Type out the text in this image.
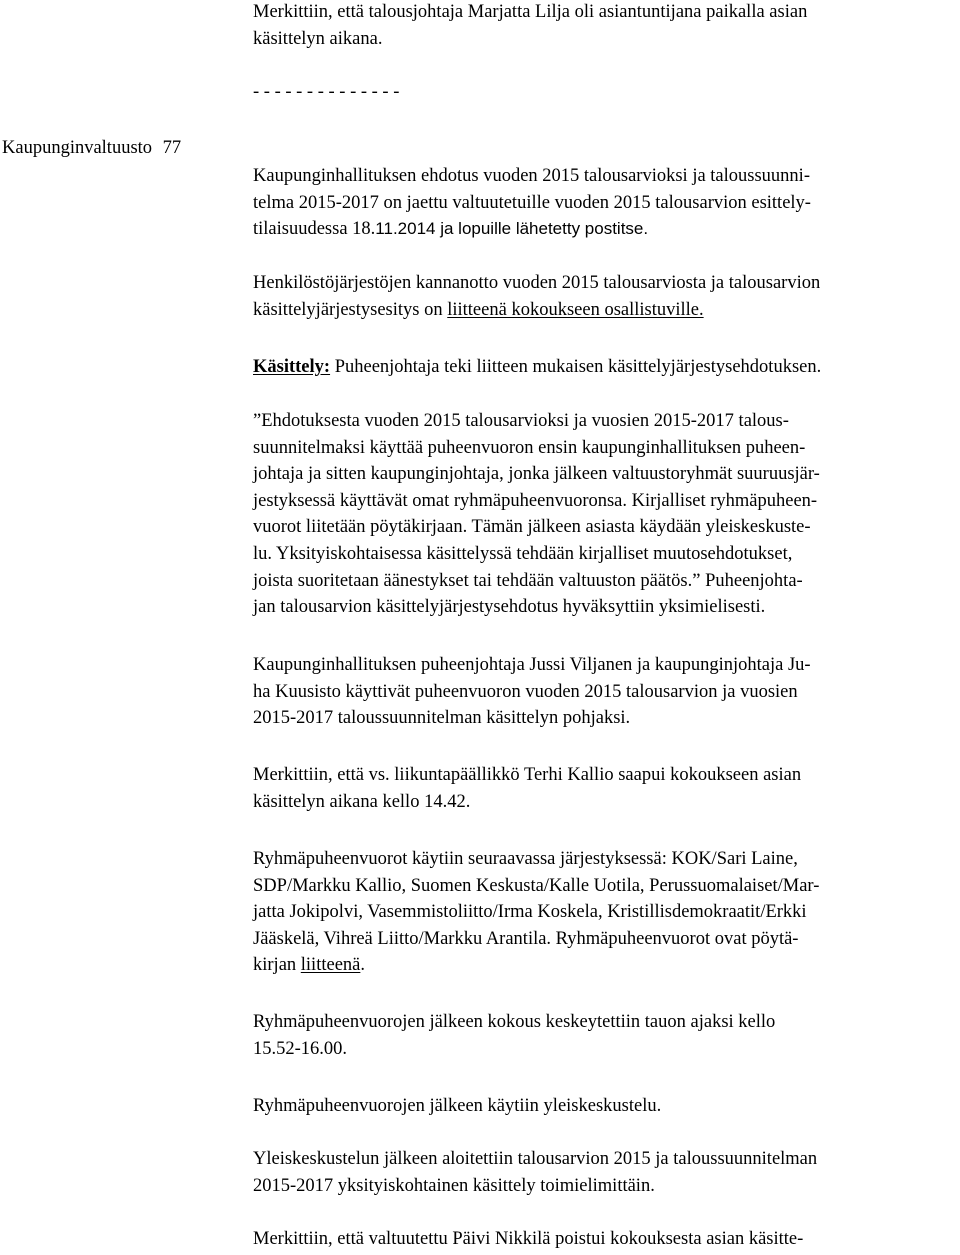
Merkittiin, että talousjohtaja Marjatta Lilja oli asiantuntijana paikalla asian
käsittelyn aikana.
- - - - - - - - - - - - - -
Kaupunginvaltuusto 77
Kaupunginhallituksen ehdotus vuoden 2015 talousarvioksi ja taloussuunni-
telma 2015-2017 on jaettu valtuutetuille vuoden 2015 talousarvion esittely-
tilaisuudessa 18.11.2014 ja lopuille lähetetty postitse.
Henkilöstöjärjestöjen kannanotto vuoden 2015 talousarviosta ja talousarvion
käsittelyjärjestysesitys on liitteenä kokoukseen osallistuville.
Käsittely: Puheenjohtaja teki liitteen mukaisen käsittelyjärjestysehdotuksen.
”Ehdotuksesta vuoden 2015 talousarvioksi ja vuosien 2015-2017 talous-
suunnitelmaksi käyttää puheenvuoron ensin kaupunginhallituksen puheen-
johtaja ja sitten kaupunginjohtaja, jonka jälkeen valtuustoryhmät suuruusjär-
jestyksessä käyttävät omat ryhmäpuheenvuoronsa. Kirjalliset ryhmäpuheen-
vuorot liitetään pöytäkirjaan. Tämän jälkeen asiasta käydään yleiskeskuste-
lu. Yksityiskohtaisessa käsittelyssä tehdään kirjalliset muutosehdotukset,
joista suoritetaan äänestykset tai tehdään valtuuston päätös.” Puheenjohta-
jan talousarvion käsittelyjärjestysehdotus hyväksyttiin yksimielisesti.
Kaupunginhallituksen puheenjohtaja Jussi Viljanen ja kaupunginjohtaja Ju-
ha Kuusisto käyttivät puheenvuoron vuoden 2015 talousarvion ja vuosien
2015-2017 taloussuunnitelman käsittelyn pohjaksi.
Merkittiin, että vs. liikuntapäällikkö Terhi Kallio saapui kokoukseen asian
käsittelyn aikana kello 14.42.
Ryhmäpuheenvuorot käytiin seuraavassa järjestyksessä: KOK/Sari Laine,
SDP/Markku Kallio, Suomen Keskusta/Kalle Uotila, Perussuomalaiset/Mar-
jatta Jokipolvi, Vasemmistoliitto/Irma Koskela, Kristillisdemokraatit/Erkki
Jääskelä, Vihreä Liitto/Markku Arantila. Ryhmäpuheenvuorot ovat pöytä-
kirjan liitteenä.
Ryhmäpuheenvuorojen jälkeen kokous keskeytettiin tauon ajaksi kello
15.52-16.00.
Ryhmäpuheenvuorojen jälkeen käytiin yleiskeskustelu.
Yleiskeskustelun jälkeen aloitettiin talousarvion 2015 ja taloussuunnitelman
2015-2017 yksityiskohtainen käsittely toimielimittäin.
Merkittiin, että valtuutettu Päivi Nikkilä poistui kokouksesta asian käsitte-
